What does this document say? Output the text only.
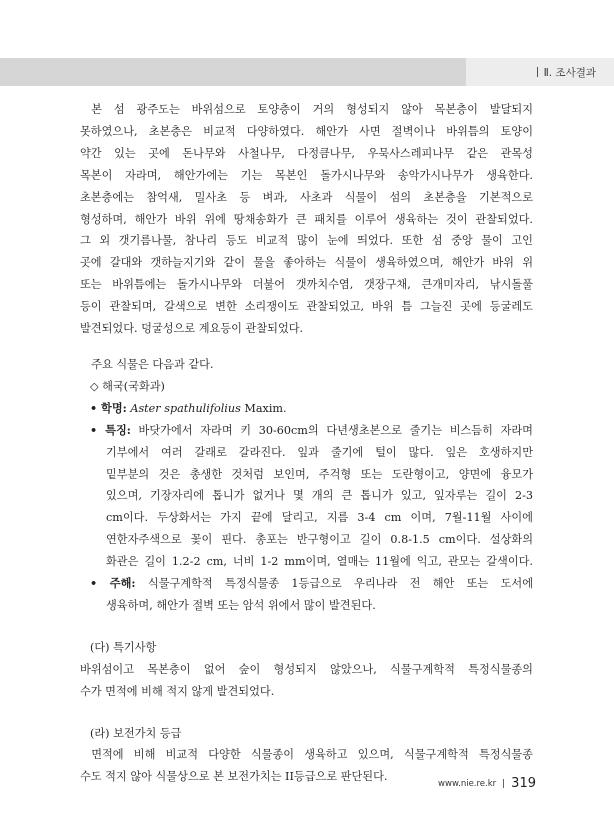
Ⅱ. 조사결과

본 섬 광주도는 바위섬으로 토양층이 거의 형성되지 않아 목본층이 발달되지

못하였으나, 초본층은 비교적 다양하였다. 해안가 사면 절벽이나 바위틈의 토양이

약간 있는 곳에 돈나무와 사철나무, 다정큼나무, 우묵사스레피나무 같은 관목성

목본이 자라며, 해안가에는 기는 목본인 돌가시나무와 송악가시나무가 생육한다.

초본층에는 참억새, 밀사초 등 벼과, 사초과 식물이 섬의 초본층을 기본적으로

형성하며, 해안가 바위 위에 땅채송화가 큰 패치를 이루어 생육하는 것이 관찰되었다.

그 외 갯기름나물, 참나리 등도 비교적 많이 눈에 띄었다. 또한 섬 중앙 물이 고인

곳에 갈대와 갯하늘지기와 같이 물을 좋아하는 식물이 생육하였으며, 해안가 바위 위

또는 바위틈에는 돌가시나무와 더불어 갯까치수염, 갯장구채, 큰개미자리, 낚시돌풀

등이 관찰되며, 갈색으로 변한 소리쟁이도 관찰되었고, 바위 틈 그늘진 곳에 등굴레도

발견되었다. 덩굴성으로 계요등이 관찰되었다.

주요 식물은 다음과 같다.

◇ 해국(국화과)

• 학명: Aster spathulifolius Maxim.

• 특징: 바닷가에서 자라며 키 30-60cm의 다년생초본으로 줄기는 비스듬히 자라며

기부에서 여러 갈래로 갈라진다. 잎과 줄기에 털이 많다. 잎은 호생하지만

밑부분의 것은 총생한 것처럼 보인며, 주걱형 또는 도란형이고, 양면에 융모가

있으며, 기장자리에 톱니가 없거나 몇 개의 큰 톱니가 있고, 잎자루는 길이 2-3

cm이다. 두상화서는 가지 끝에 달리고, 지름 3-4 cm 이며, 7월-11월 사이에

연한자주색으로 꽃이 핀다. 총포는 반구형이고 길이 0.8-1.5 cm이다. 설상화의

화관은 길이 1.2-2 cm, 너비 1-2 mm이며, 열매는 11월에 익고, 관모는 갈색이다.

• 주해: 식물구계학적 특정식물종 1등급으로 우리나라 전 해안 또는 도서에

생육하며, 해안가 절벽 또는 암석 위에서 많이 발견된다.

(다) 특기사항

바위섬이고 목본층이 없어 숲이 형성되지 않았으나, 식물구계학적 특정식물종의

수가 면적에 비해 적지 않게 발견되었다.

(라) 보전가치 등급

면적에 비해 비교적 다양한 식물종이 생육하고 있으며, 식물구계학적 특정식물종

수도 적지 않아 식물상으로 본 보전가치는 II등급으로 판단된다.

www.nie.re.kr 319
